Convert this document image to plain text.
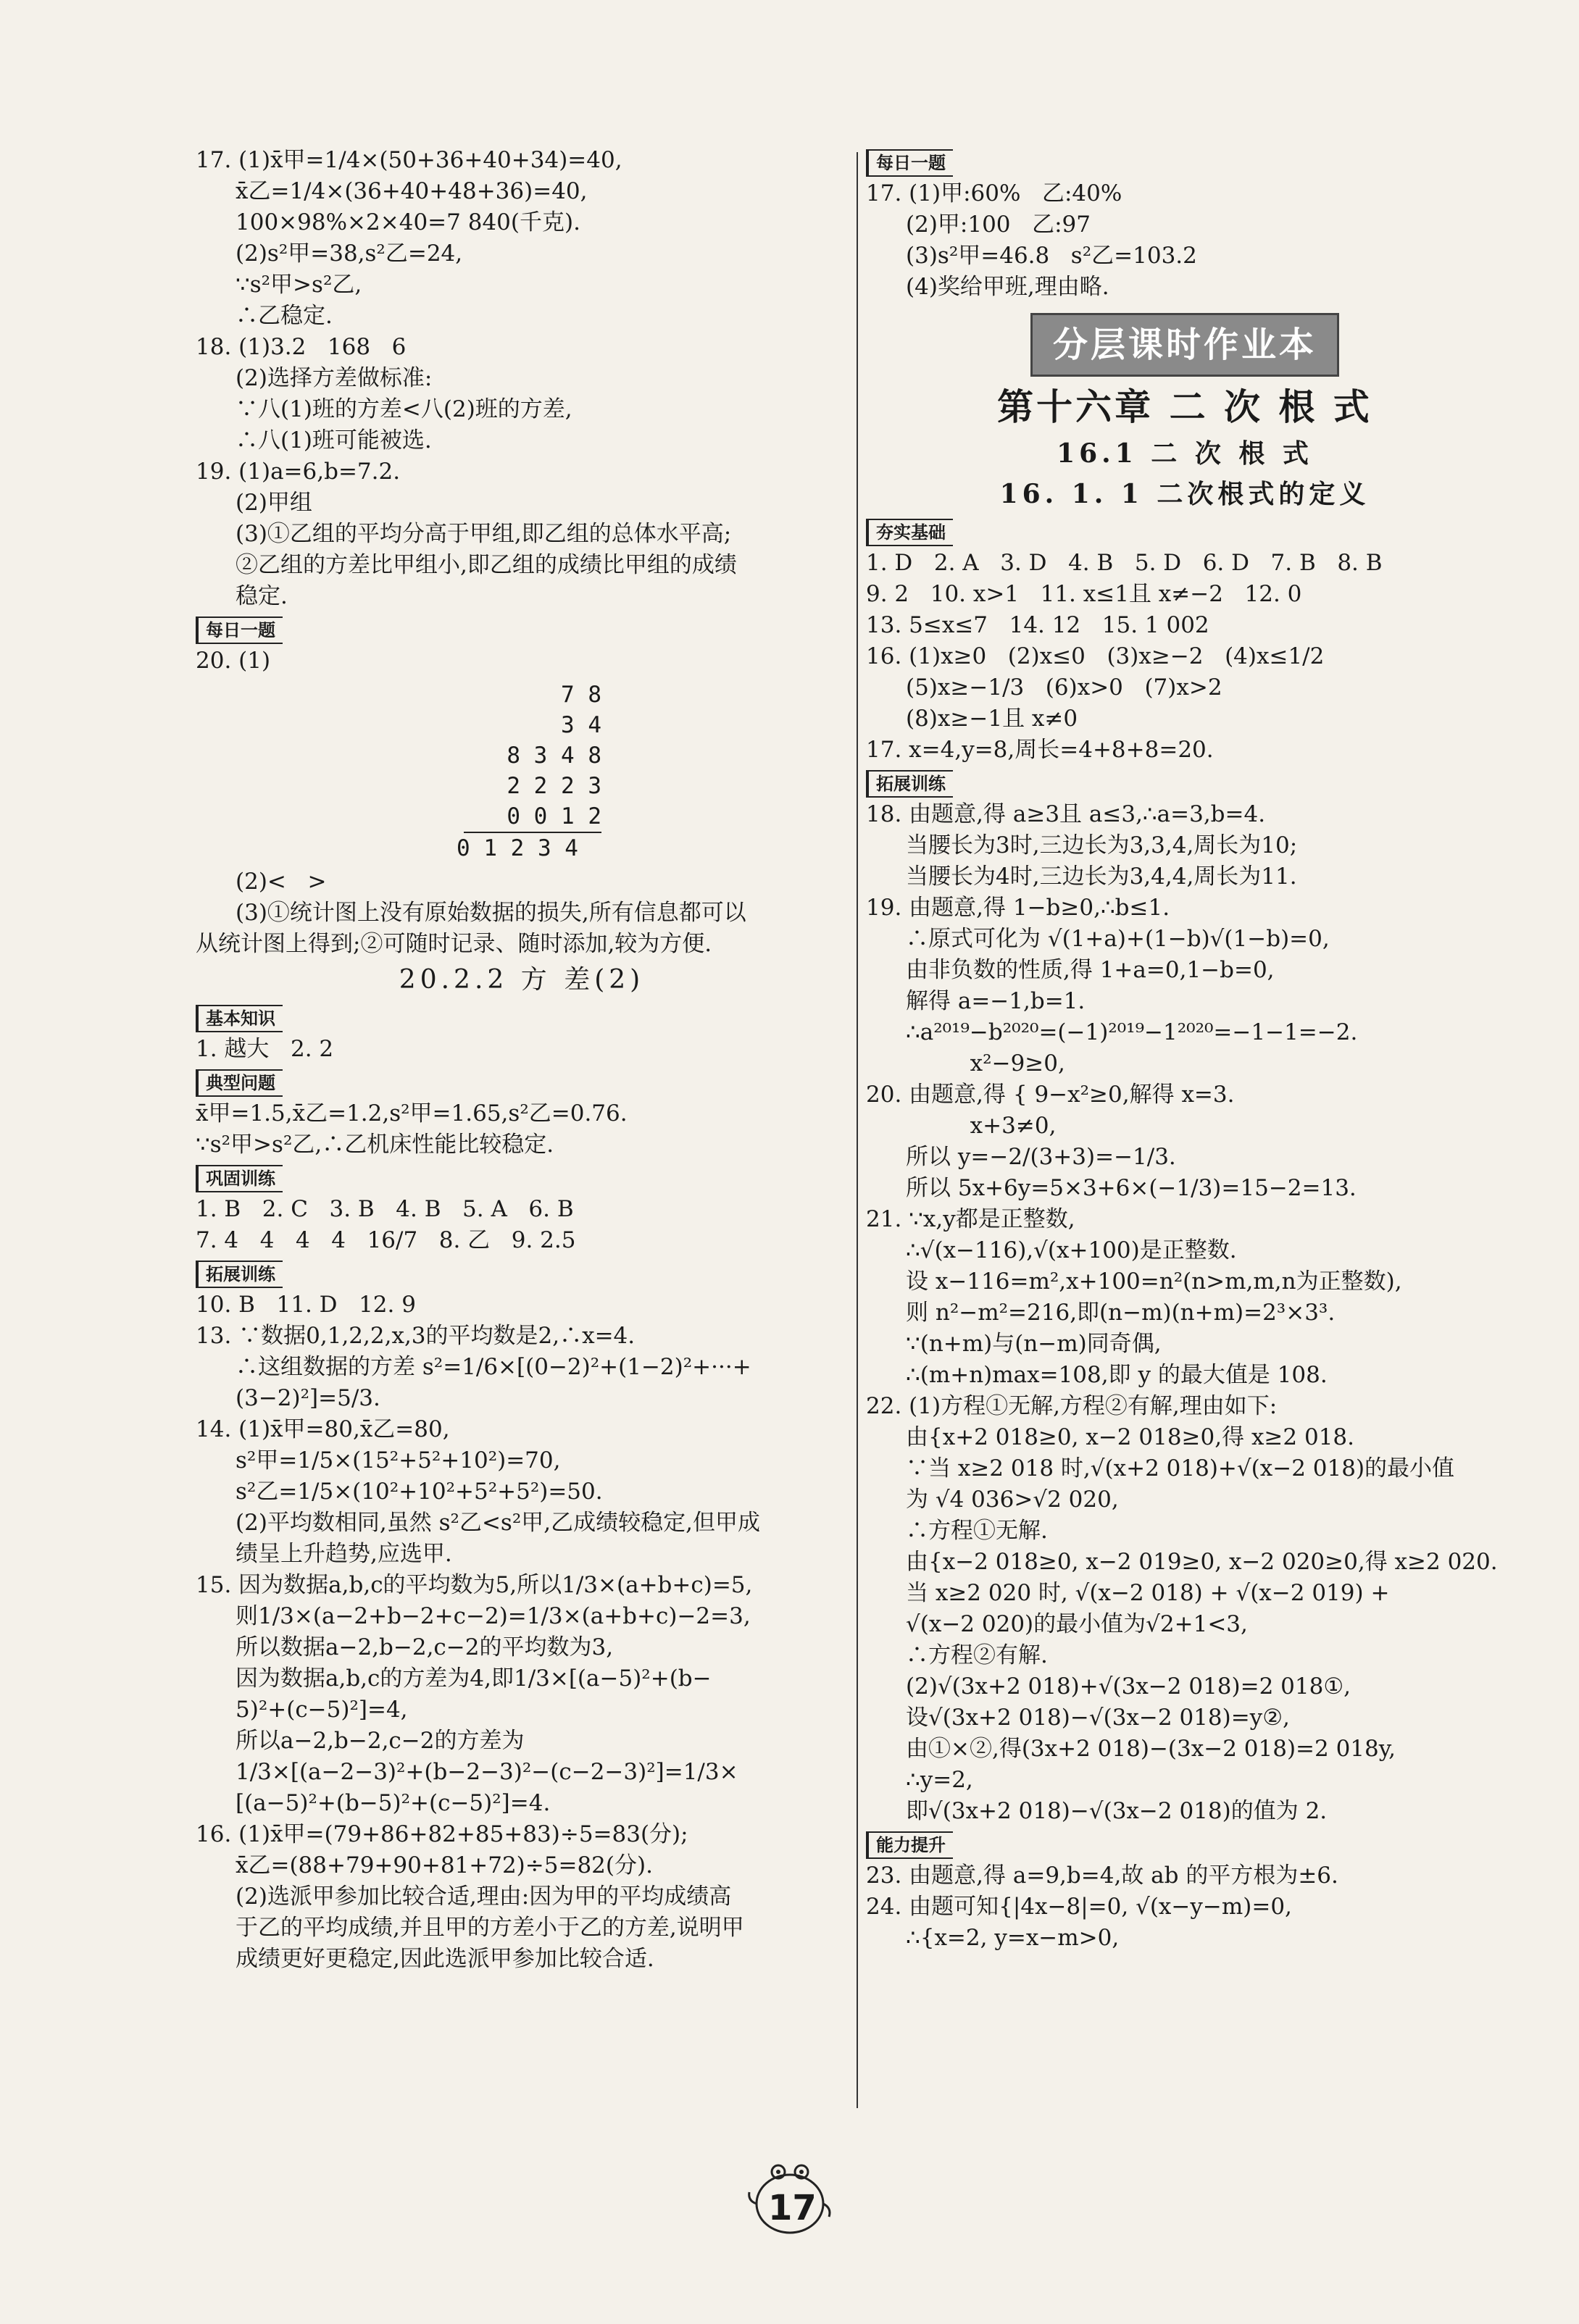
17. (1)x̄甲=1/4×(50+36+40+34)=40,
x̄乙=1/4×(36+40+48+36)=40,
100×98%×2×40=7 840(千克).
(2)s²甲=38,s²乙=24,
∵s²甲>s²乙,
∴乙稳定.
18. (1)3.2   168   6
(2)选择方差做标准:
∵八(1)班的方差<八(2)班的方差,
∴八(1)班可能被选.
19. (1)a=6,b=7.2.
(2)甲组
(3)①乙组的平均分高于甲组,即乙组的总体水平高;
②乙组的方差比甲组小,即乙组的成绩比甲组的成绩
稳定.
每日一题
20. (1)
7 8
3 4
8 3 4 8
2 2 2 3
0 0 1 2
0 1 2 3 4
(2)<   >
(3)①统计图上没有原始数据的损失,所有信息都可以
从统计图上得到;②可随时记录、随时添加,较为方便.
20.2.2 方 差(2)
基本知识
1. 越大   2. 2
典型问题
x̄甲=1.5,x̄乙=1.2,s²甲=1.65,s²乙=0.76.
∵s²甲>s²乙,∴乙机床性能比较稳定.
巩固训练
1. B   2. C   3. B   4. B   5. A   6. B
7. 4   4   4   4   16/7   8. 乙   9. 2.5
拓展训练
10. B   11. D   12. 9
13. ∵数据0,1,2,2,x,3的平均数是2,∴x=4.
∴这组数据的方差 s²=1/6×[(0−2)²+(1−2)²+···+
(3−2)²]=5/3.
14. (1)x̄甲=80,x̄乙=80,
s²甲=1/5×(15²+5²+10²)=70,
s²乙=1/5×(10²+10²+5²+5²)=50.
(2)平均数相同,虽然 s²乙<s²甲,乙成绩较稳定,但甲成
绩呈上升趋势,应选甲.
15. 因为数据a,b,c的平均数为5,所以1/3×(a+b+c)=5,
则1/3×(a−2+b−2+c−2)=1/3×(a+b+c)−2=3,
所以数据a−2,b−2,c−2的平均数为3,
因为数据a,b,c的方差为4,即1/3×[(a−5)²+(b−
5)²+(c−5)²]=4,
所以a−2,b−2,c−2的方差为
1/3×[(a−2−3)²+(b−2−3)²−(c−2−3)²]=1/3×
[(a−5)²+(b−5)²+(c−5)²]=4.
16. (1)x̄甲=(79+86+82+85+83)÷5=83(分);
x̄乙=(88+79+90+81+72)÷5=82(分).
(2)选派甲参加比较合适,理由:因为甲的平均成绩高
于乙的平均成绩,并且甲的方差小于乙的方差,说明甲
成绩更好更稳定,因此选派甲参加比较合适.
每日一题
17. (1)甲:60%   乙:40%
(2)甲:100   乙:97
(3)s²甲=46.8   s²乙=103.2
(4)奖给甲班,理由略.
分层课时作业本
第十六章 二 次 根 式
16.1 二 次 根 式
16. 1. 1 二次根式的定义
夯实基础
1. D   2. A   3. D   4. B   5. D   6. D   7. B   8. B
9. 2   10. x>1   11. x≤1且 x≠−2   12. 0
13. 5≤x≤7   14. 12   15. 1 002
16. (1)x≥0   (2)x≤0   (3)x≥−2   (4)x≤1/2
(5)x≥−1/3   (6)x>0   (7)x>2
(8)x≥−1且 x≠0
17. x=4,y=8,周长=4+8+8=20.
拓展训练
18. 由题意,得 a≥3且 a≤3,∴a=3,b=4.
当腰长为3时,三边长为3,3,4,周长为10;
当腰长为4时,三边长为3,4,4,周长为11.
19. 由题意,得 1−b≥0,∴b≤1.
∴原式可化为 √(1+a)+(1−b)√(1−b)=0,
由非负数的性质,得 1+a=0,1−b=0,
解得 a=−1,b=1.
∴a²⁰¹⁹−b²⁰²⁰=(−1)²⁰¹⁹−1²⁰²⁰=−1−1=−2.
x²−9≥0,
20. 由题意,得 { 9−x²≥0,解得 x=3.
x+3≠0,
所以 y=−2/(3+3)=−1/3.
所以 5x+6y=5×3+6×(−1/3)=15−2=13.
21. ∵x,y都是正整数,
∴√(x−116),√(x+100)是正整数.
设 x−116=m²,x+100=n²(n>m,m,n为正整数),
则 n²−m²=216,即(n−m)(n+m)=2³×3³.
∵(n+m)与(n−m)同奇偶,
∴(m+n)max=108,即 y 的最大值是 108.
22. (1)方程①无解,方程②有解,理由如下:
由{x+2 018≥0, x−2 018≥0,得 x≥2 018.
∵当 x≥2 018 时,√(x+2 018)+√(x−2 018)的最小值
为 √4 036>√2 020,
∴方程①无解.
由{x−2 018≥0, x−2 019≥0, x−2 020≥0,得 x≥2 020.
当 x≥2 020 时, √(x−2 018) + √(x−2 019) +
√(x−2 020)的最小值为√2+1<3,
∴方程②有解.
(2)√(3x+2 018)+√(3x−2 018)=2 018①,
设√(3x+2 018)−√(3x−2 018)=y②,
由①×②,得(3x+2 018)−(3x−2 018)=2 018y,
∴y=2,
即√(3x+2 018)−√(3x−2 018)的值为 2.
能力提升
23. 由题意,得 a=9,b=4,故 ab 的平方根为±6.
24. 由题可知{|4x−8|=0, √(x−y−m)=0,
∴{x=2, y=x−m>0,
17
